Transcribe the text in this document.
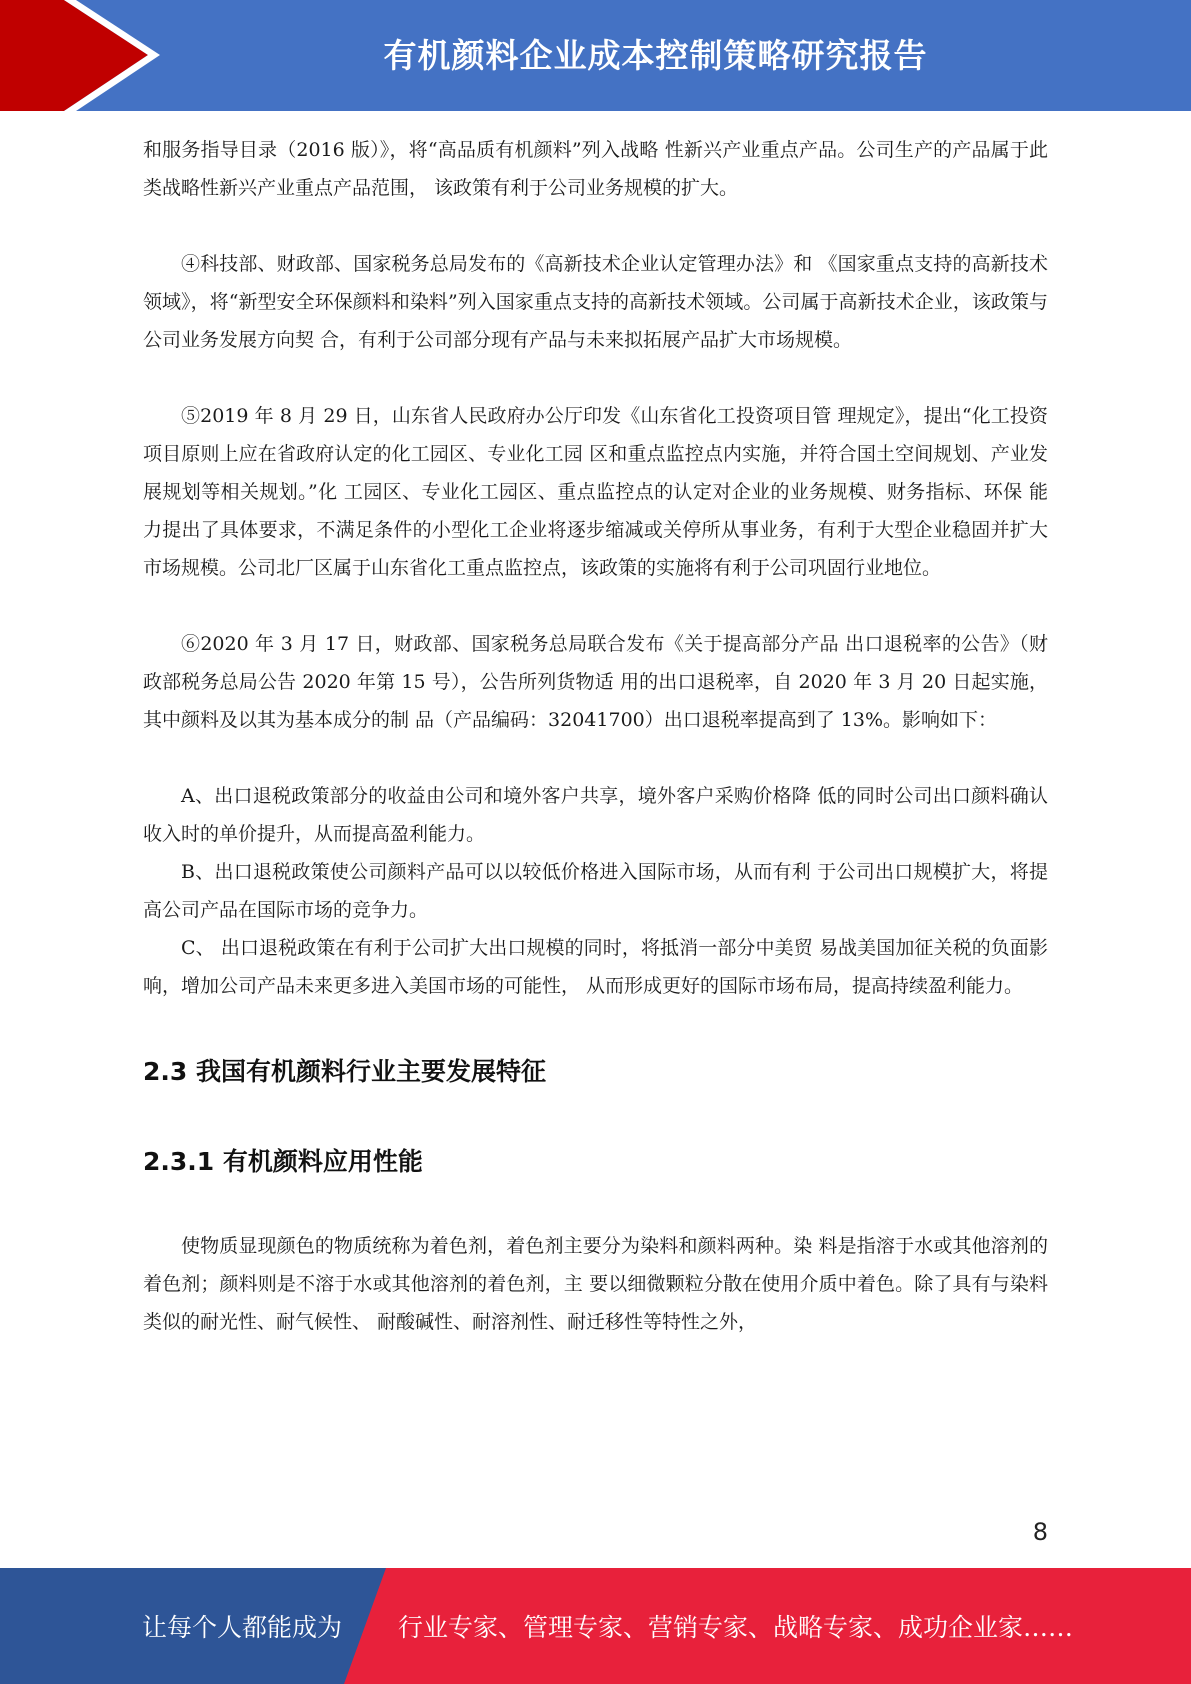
有机颜料企业成本控制策略研究报告

和服务指导目录（2016 版）》，将“高品质有机颜料”列入战略 性新兴产业重点产品。公司生产的产品属于此类战略性新兴产业重点产品范围， 该政策有利于公司业务规模的扩大。

④科技部、财政部、国家税务总局发布的《高新技术企业认定管理办法》和 《国家重点支持的高新技术领域》，将“新型安全环保颜料和染料”列入国家重点支持的高新技术领域。公司属于高新技术企业，该政策与公司业务发展方向契 合，有利于公司部分现有产品与未来拟拓展产品扩大市场规模。

⑤2019 年 8 月 29 日，山东省人民政府办公厅印发《山东省化工投资项目管 理规定》，提出“化工投资项目原则上应在省政府认定的化工园区、专业化工园 区和重点监控点内实施，并符合国土空间规划、产业发展规划等相关规划。”化 工园区、专业化工园区、重点监控点的认定对企业的业务规模、财务指标、环保 能力提出了具体要求，不满足条件的小型化工企业将逐步缩减或关停所从事业务，有利于大型企业稳固并扩大市场规模。公司北厂区属于山东省化工重点监控点，该政策的实施将有利于公司巩固行业地位。

⑥2020 年 3 月 17 日，财政部、国家税务总局联合发布《关于提高部分产品 出口退税率的公告》（财政部税务总局公告 2020 年第 15 号），公告所列货物适 用的出口退税率，自 2020 年 3 月 20 日起实施，其中颜料及以其为基本成分的制 品（产品编码：32041700）出口退税率提高到了 13%。影响如下：

A、出口退税政策部分的收益由公司和境外客户共享，境外客户采购价格降 低的同时公司出口颜料确认收入时的单价提升，从而提高盈利能力。

B、出口退税政策使公司颜料产品可以以较低价格进入国际市场，从而有利 于公司出口规模扩大，将提高公司产品在国际市场的竞争力。

C、 出口退税政策在有利于公司扩大出口规模的同时，将抵消一部分中美贸 易战美国加征关税的负面影响，增加公司产品未来更多进入美国市场的可能性， 从而形成更好的国际市场布局，提高持续盈利能力。

2.3 我国有机颜料行业主要发展特征
2.3.1 有机颜料应用性能

使物质显现颜色的物质统称为着色剂，着色剂主要分为染料和颜料两种。染 料是指溶于水或其他溶剂的着色剂；颜料则是不溶于水或其他溶剂的着色剂，主 要以细微颗粒分散在使用介质中着色。除了具有与染料类似的耐光性、耐气候性、 耐酸碱性、耐溶剂性、耐迁移性等特性之外，

8
让每个人都能成为 行业专家、管理专家、营销专家、战略专家、成功企业家……
